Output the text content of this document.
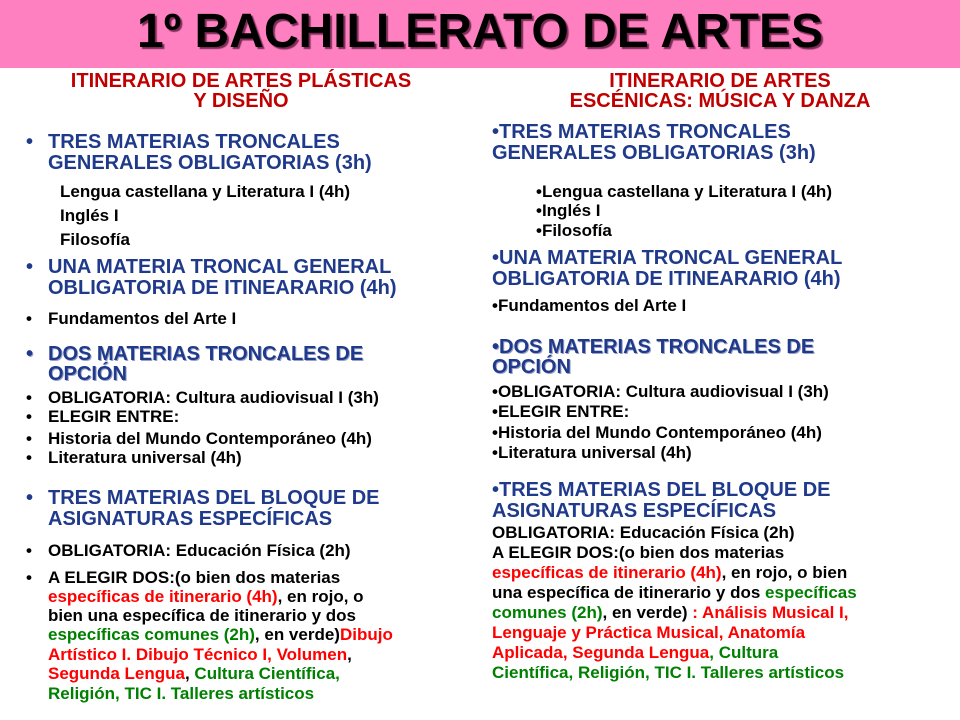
1º BACHILLERATO DE ARTES
ITINERARIO DE ARTES PLÁSTICAS
Y DISEÑO
• TRES MATERIAS TRONCALES
GENERALES OBLIGATORIAS (3h)
Lengua castellana y Literatura I (4h)
Inglés I
Filosofía
• UNA MATERIA TRONCAL GENERAL
OBLIGATORIA DE ITINEARARIO (4h)
• Fundamentos del Arte I
• DOS MATERIAS TRONCALES DE
OPCIÓN
• OBLIGATORIA: Cultura audiovisual I (3h)
• ELEGIR ENTRE:
• Historia del Mundo Contemporáneo (4h)
• Literatura universal (4h)
• TRES MATERIAS DEL BLOQUE DE
ASIGNATURAS ESPECÍFICAS
• OBLIGATORIA: Educación Física (2h)
• A ELEGIR DOS:(o bien dos materias
específicas de itinerario (4h), en rojo, o
bien una específica de itinerario y dos
específicas comunes (2h), en verde)Dibujo
Artístico I. Dibujo Técnico I, Volumen,
Segunda Lengua, Cultura Científica,
Religión, TIC I. Talleres artísticos
ITINERARIO DE ARTES
ESCÉNICAS: MÚSICA Y DANZA
•TRES MATERIAS TRONCALES
GENERALES OBLIGATORIAS (3h)
•Lengua castellana y Literatura I (4h)
•Inglés I
•Filosofía
•UNA MATERIA TRONCAL GENERAL
OBLIGATORIA DE ITINEARARIO (4h)
•Fundamentos del Arte I
•DOS MATERIAS TRONCALES DE
OPCIÓN
•OBLIGATORIA: Cultura audiovisual I (3h)
•ELEGIR ENTRE:
•Historia del Mundo Contemporáneo (4h)
•Literatura universal (4h)
•TRES MATERIAS DEL BLOQUE DE
ASIGNATURAS ESPECÍFICAS
OBLIGATORIA: Educación Física (2h)
A ELEGIR DOS:(o bien dos materias
específicas de itinerario (4h), en rojo, o bien
una específica de itinerario y dos específicas
comunes (2h), en verde) : Análisis Musical I,
Lenguaje y Práctica Musical, Anatomía
Aplicada, Segunda Lengua, Cultura
Científica, Religión, TIC I. Talleres artísticos
